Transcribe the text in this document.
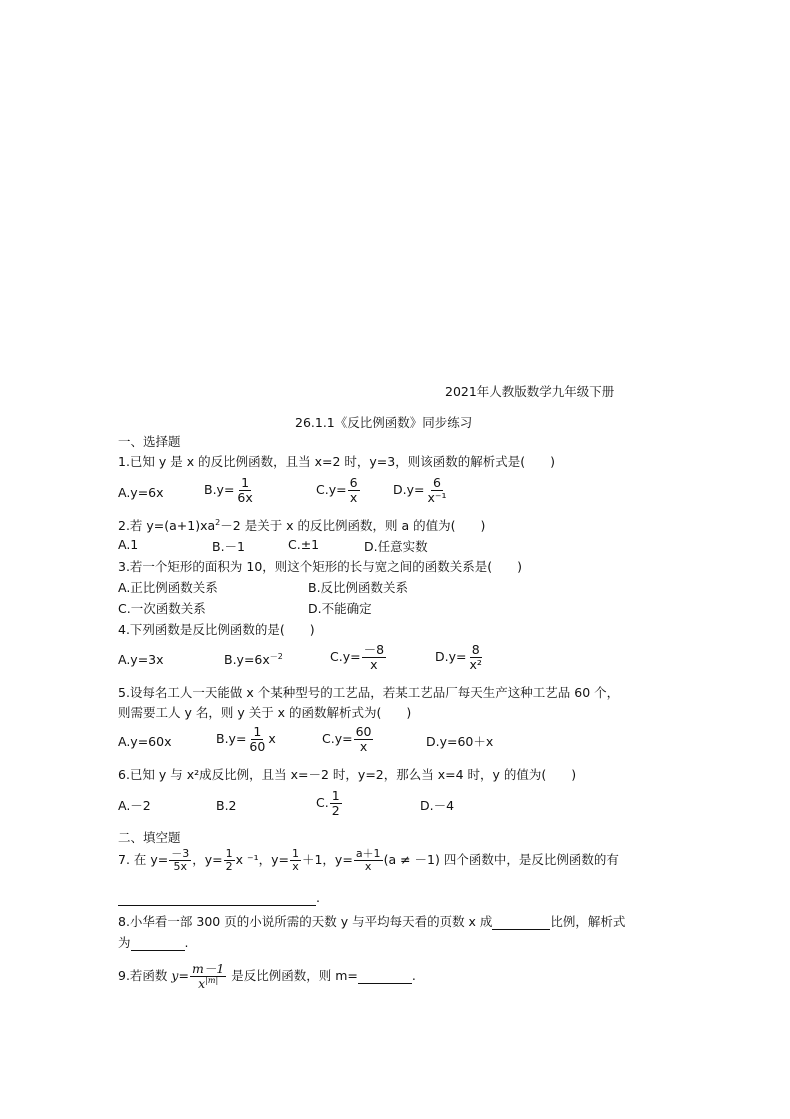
2021年人教版数学九年级下册
26.1.1《反比例函数》同步练习
一、选择题
1.已知 y 是 x 的反比例函数，且当 x=2 时，y=3，则该函数的解析式是(　　)
A.y=6x	$B.y= \frac{1}{6x}$	$C.y= \frac{6}{x}$	$D.y= \frac{6}{\text{x⁻¹}}$
2.若 $y=(a+1)xa^2-2$ 是关于 x 的反比例函数，则 a 的值为(　　)
A.1	B.－1	C.±1	D.任意实数
3.若一个矩形的面积为 10，则这个矩形的长与宽之间的函数关系是(　　)
A.正比例函数关系	B.反比例函数关系
C.一次函数关系	D.不能确定
4.下列函数是反比例函数的是(　　)
A.y=3x	$B.y=6x^{-2}$	$C.y= \frac{-8}{x}$	$D.y= \frac{8}{\text{x²}}$
5.设每名工人一天能做 x 个某种型号的工艺品，若某工艺品厂每天生产这种工艺品 60 个，
则需要工人 y 名，则 y 关于 x 的函数解析式为(　　)
A.y=60x	$B.y= \frac{1}{60}$ x	$C.y= \frac{60}{x}$	D.y=60＋x
6.已知 y 与 x²成反比例，且当 x=－2 时，y=2，那么当 x=4 时，y 的值为(　　)
A.－2	B.2	C. $\frac{1}{2}$	D.－4
二、填空题
7. 在 $y= \frac{-3}{5x}$ ，$y= \frac{1}{2}$ x ⁻¹，$y= \frac{1}{x} +1$，$y= \frac{a+1}{x} (a \ne -1)$ 四个函数中，是反比例函数的有
.
8.小华看一部 300 页的小说所需的天数 y 与平均每天看的页数 x 成	比例，解析式
为	.
9.若函数 $y= \frac{m-1}{x^{|m|}}$ 是反比例函数，则 m=	.
